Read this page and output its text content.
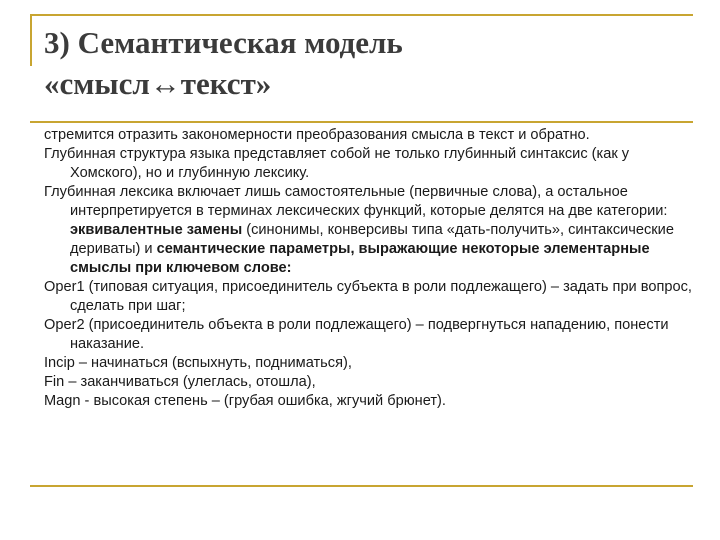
3) Семантическая модель
«смысл↔текст»

стремится отразить закономерности преобразования смысла в текст и обратно.

Глубинная структура языка представляет собой не только глубинный синтаксис (как у Хомского), но и глубинную лексику.

Глубинная лексика включает лишь самостоятельные (первичные слова), а остальное интерпретируется в терминах лексических функций, которые делятся на две категории: эквивалентные замены (синонимы, конверсивы типа «дать-получить», синтаксические дериваты) и семантические параметры, выражающие некоторые элементарные смыслы при ключевом слове:

Oper1 (типовая ситуация, присоединитель субъекта в роли подлежащего) – задать при вопрос, сделать при шаг;

Oper2 (присоединитель объекта в роли подлежащего) – подвергнуться нападению, понести наказание.

Incip – начинаться (вспыхнуть, подниматься),

Fin – заканчиваться (улеглась, отошла),

Magn - высокая степень – (грубая ошибка, жгучий брюнет).
